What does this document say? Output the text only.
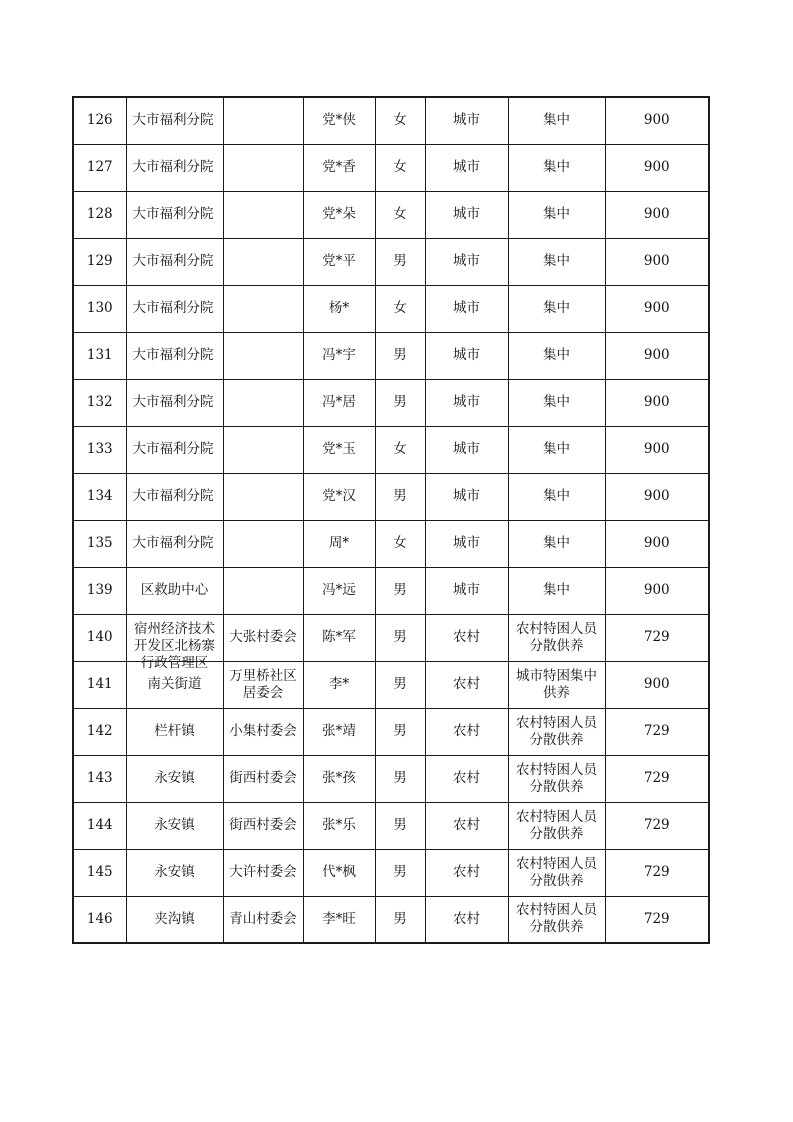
126	大市福利分院		党*侠	女	城市	集中	900

127	大市福利分院		党*香	女	城市	集中	900

128	大市福利分院		党*朵	女	城市	集中	900

129	大市福利分院		党*平	男	城市	集中	900

130	大市福利分院		杨*	女	城市	集中	900

131	大市福利分院		冯*宇	男	城市	集中	900

132	大市福利分院		冯*居	男	城市	集中	900

133	大市福利分院		党*玉	女	城市	集中	900

134	大市福利分院		党*汉	男	城市	集中	900

135	大市福利分院		周*	女	城市	集中	900

139	区救助中心		冯*远	男	城市	集中	900

140	宿州经济技术开发区北杨寨行政管理区	大张村委会	陈*军	男	农村	农村特困人员分散供养	729

141	南关街道	万里桥社区居委会	李*	男	农村	城市特困集中供养	900

142	栏杆镇	小集村委会	张*靖	男	农村	农村特困人员分散供养	729

143	永安镇	街西村委会	张*孩	男	农村	农村特困人员分散供养	729

144	永安镇	街西村委会	张*乐	男	农村	农村特困人员分散供养	729

145	永安镇	大许村委会	代*枫	男	农村	农村特困人员分散供养	729

146	夹沟镇	青山村委会	李*旺	男	农村	农村特困人员分散供养	729
